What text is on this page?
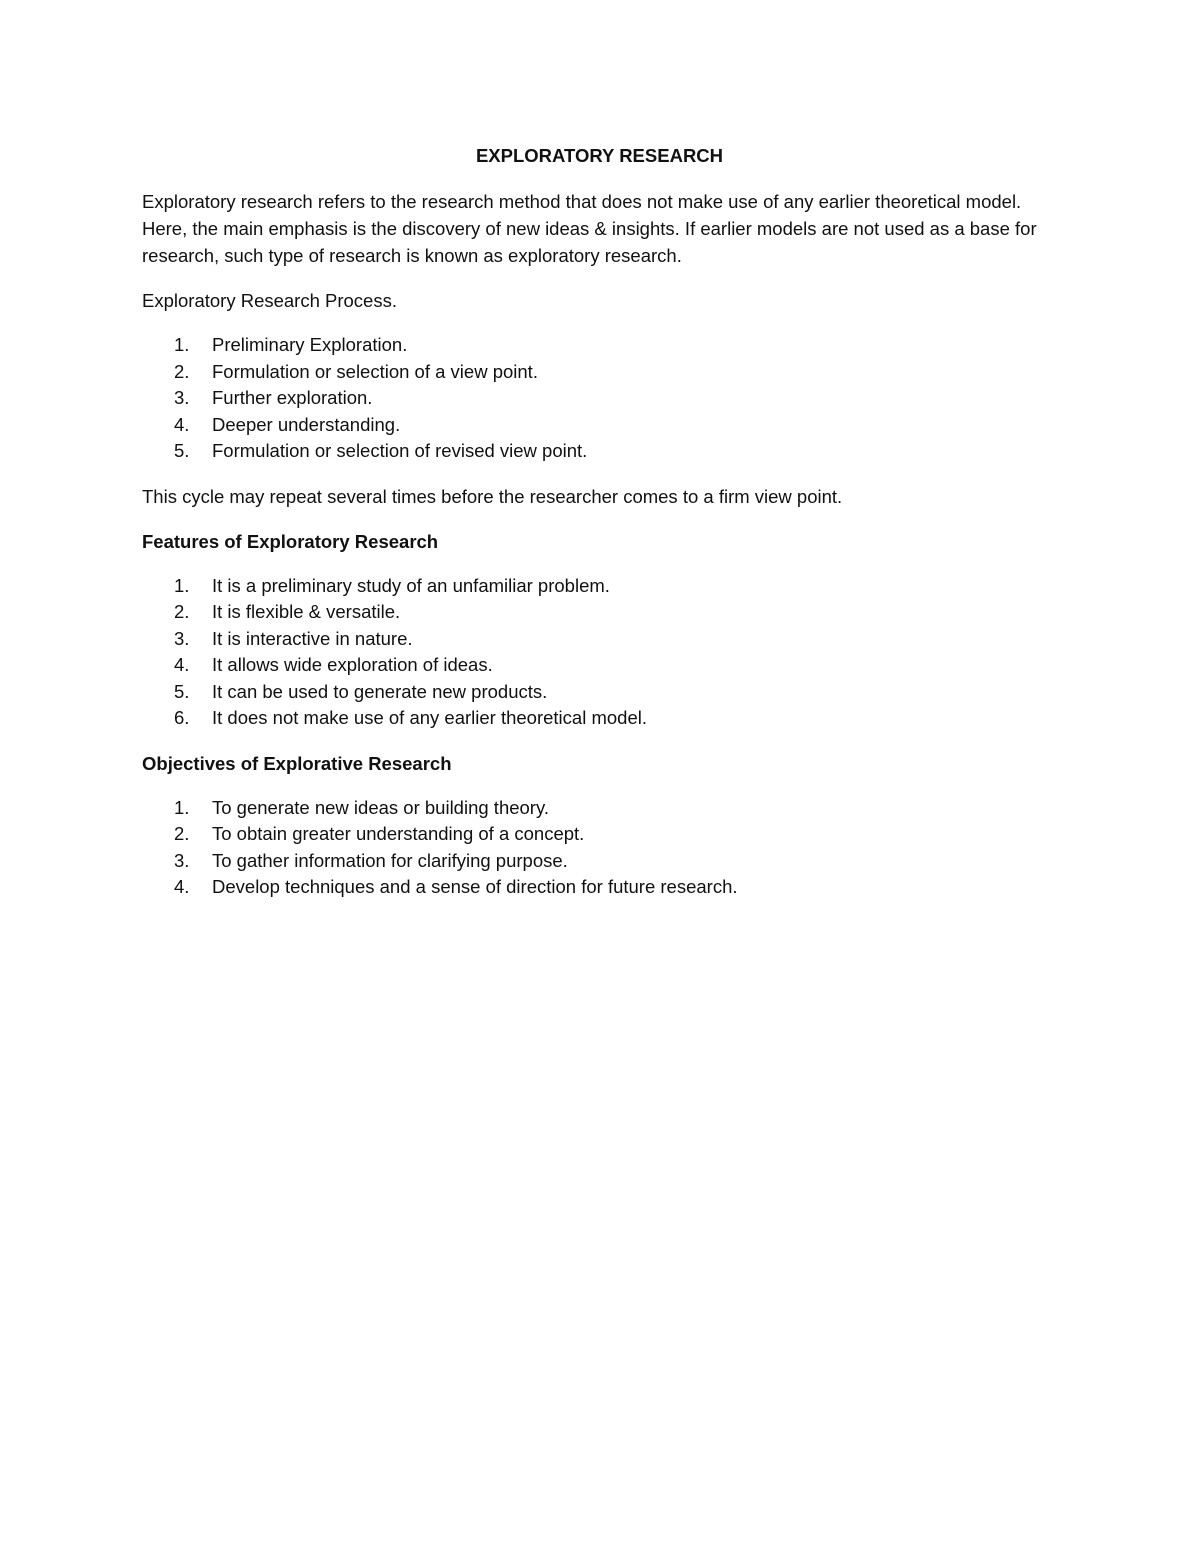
EXPLORATORY RESEARCH

Exploratory research refers to the research method that does not make use of any earlier theoretical model. Here, the main emphasis is the discovery of new ideas & insights. If earlier models are not used as a base for research, such type of research is known as exploratory research.

Exploratory Research Process.

1.	Preliminary Exploration.
2.	Formulation or selection of a view point.
3.	Further exploration.
4.	Deeper understanding.
5.	Formulation or selection of revised view point.

This cycle may repeat several times before the researcher comes to a firm view point.

Features of Exploratory Research
1.	It is a preliminary study of an unfamiliar problem.
2.	It is flexible & versatile.
3.	It is interactive in nature.
4.	It allows wide exploration of ideas.
5.	It can be used to generate new products.
6.	It does not make use of any earlier theoretical model.
Objectives of Explorative Research
1.	To generate new ideas or building theory.
2.	To obtain greater understanding of a concept.
3.	To gather information for clarifying purpose.
4.	Develop techniques and a sense of direction for future research.
